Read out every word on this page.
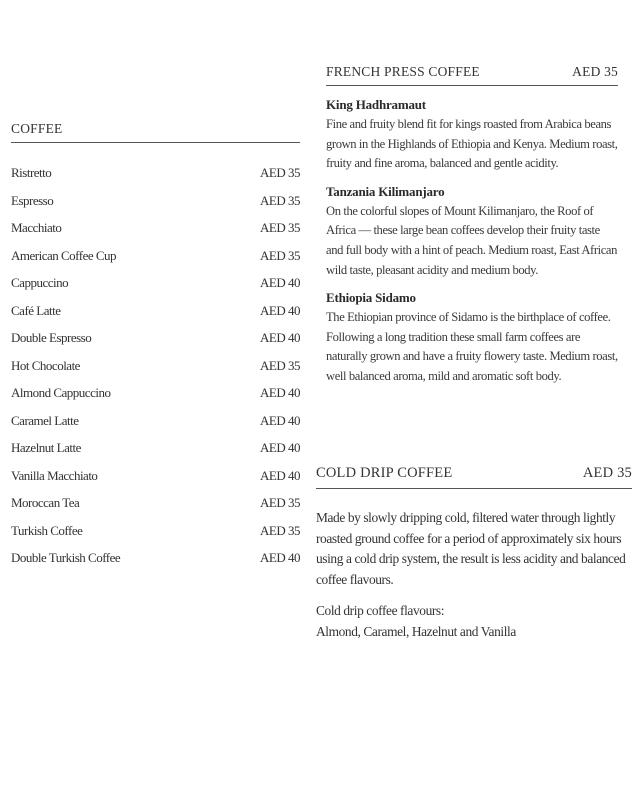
COFFEE
Ristretto	AED 35
Espresso	AED 35
Macchiato	AED 35
American Coffee Cup	AED 35
Cappuccino	AED 40
Café Latte	AED 40
Double Espresso	AED 40
Hot Chocolate	AED 35
Almond Cappuccino	AED 40
Caramel Latte	AED 40
Hazelnut Latte	AED 40
Vanilla Macchiato	AED 40
Moroccan Tea	AED 35
Turkish Coffee	AED 35
Double Turkish Coffee	AED 40
FRENCH PRESS COFFEE	AED 35
King Hadhramaut
Fine and fruity blend fit for kings roasted from Arabica beans grown in the Highlands of Ethiopia and Kenya. Medium roast, fruity and fine aroma, balanced and gentle acidity.
Tanzania Kilimanjaro
On the colorful slopes of Mount Kilimanjaro, the Roof of Africa — these large bean coffees develop their fruity taste and full body with a hint of peach. Medium roast, East African wild taste, pleasant acidity and medium body.
Ethiopia Sidamo
The Ethiopian province of Sidamo is the birthplace of coffee. Following a long tradition these small farm coffees are naturally grown and have a fruity flowery taste. Medium roast, well balanced aroma, mild and aromatic soft body.
COLD DRIP COFFEE	AED 35
Made by slowly dripping cold, filtered water through lightly roasted ground coffee for a period of approximately six hours using a cold drip system, the result is less acidity and balanced coffee flavours.
Cold drip coffee flavours:
Almond, Caramel, Hazelnut and Vanilla
